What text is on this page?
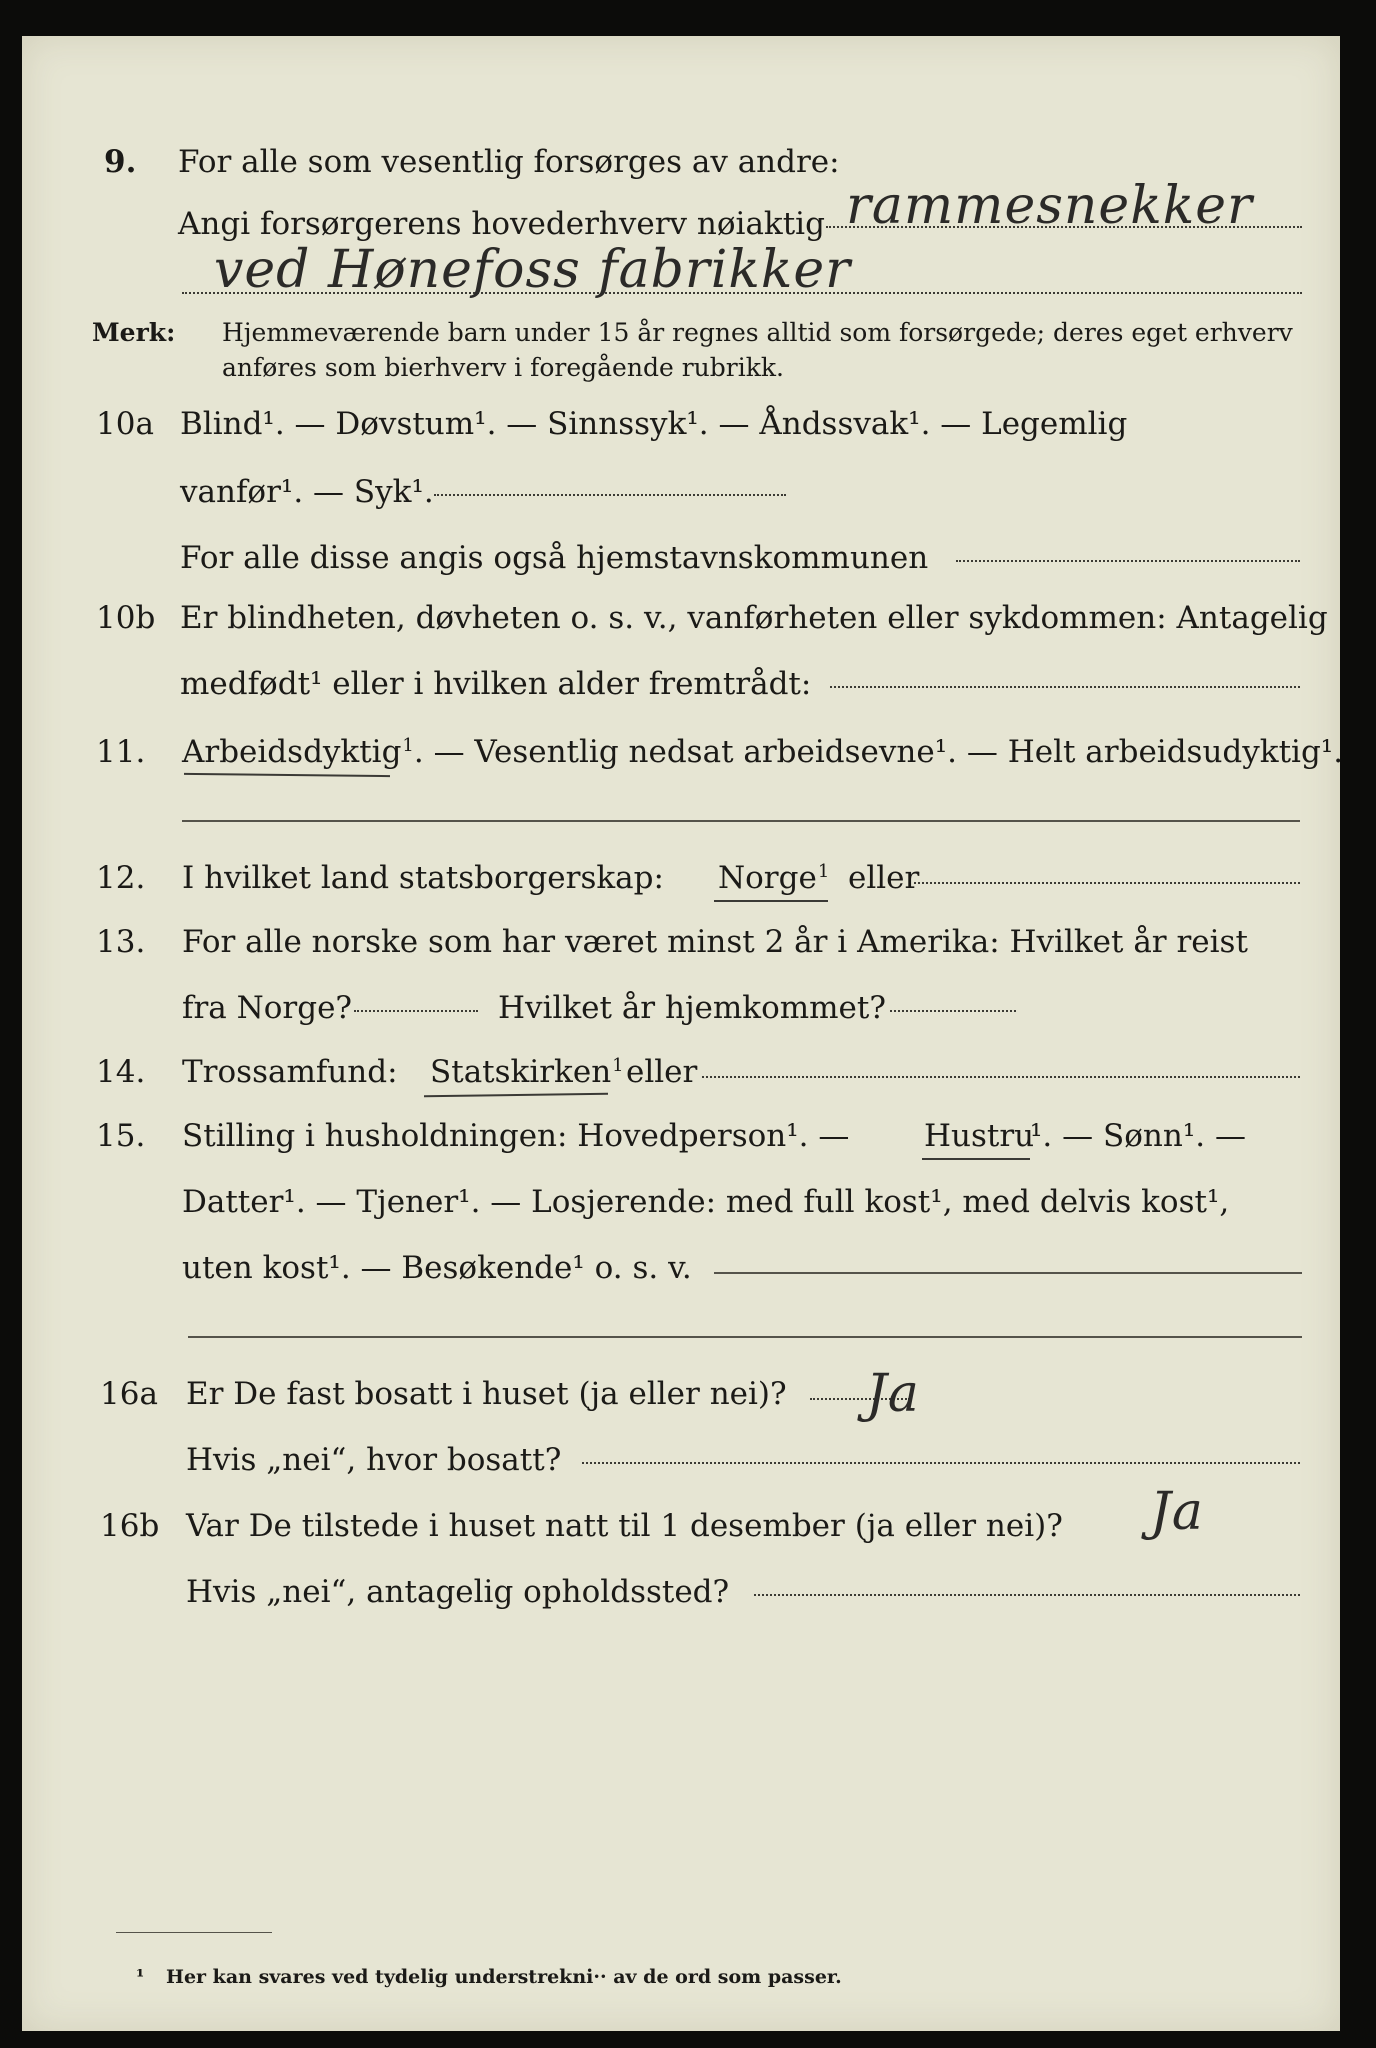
9. For alle som vesentlig forsørges av andre:
Angi forsørgerens hovederhverv nøiaktig rammesnekker
ved Hønefoss fabrikker
Merk: Hjemmeværende barn under 15 år regnes alltid som forsørgede; deres eget erhverv
anføres som bierhverv i foregående rubrikk.
10a Blind¹. — Døvstum¹. — Sinnssyk¹. — Åndssvak¹. — Legemlig
vanfør¹. — Syk¹.
For alle disse angis også hjemstavnskommunen
10b Er blindheten, døvheten o. s. v., vanførheten eller sykdommen: Antagelig
medfødt¹ eller i hvilken alder fremtrådt:
11. Arbeidsdyktig$^1$. — Vesentlig nedsat arbeidsevne¹. — Helt arbeidsudyktig¹.
12. I hvilket land statsborgerskap: Norge$^1$ eller
13. For alle norske som har været minst 2 år i Amerika: Hvilket år reist
fra Norge?	Hvilket år hjemkommet?
14. Trossamfund: Statskirken$^1$ eller
15. Stilling i husholdningen: Hovedperson¹. — Hustru
¹. — Sønn¹. —
Datter¹. — Tjener¹. — Losjerende: med full kost¹, med delvis kost¹,
uten kost¹. — Besøkende¹ o. s. v.
16a Er De fast bosatt i huset (ja eller nei)? Ja
Hvis „nei“, hvor bosatt?
16b Var De tilstede i huset natt til 1 desember (ja eller nei)? Ja
Hvis „nei“, antagelig opholdssted?
¹ Her kan svares ved tydelig understrekni·· av de ord som passer.
